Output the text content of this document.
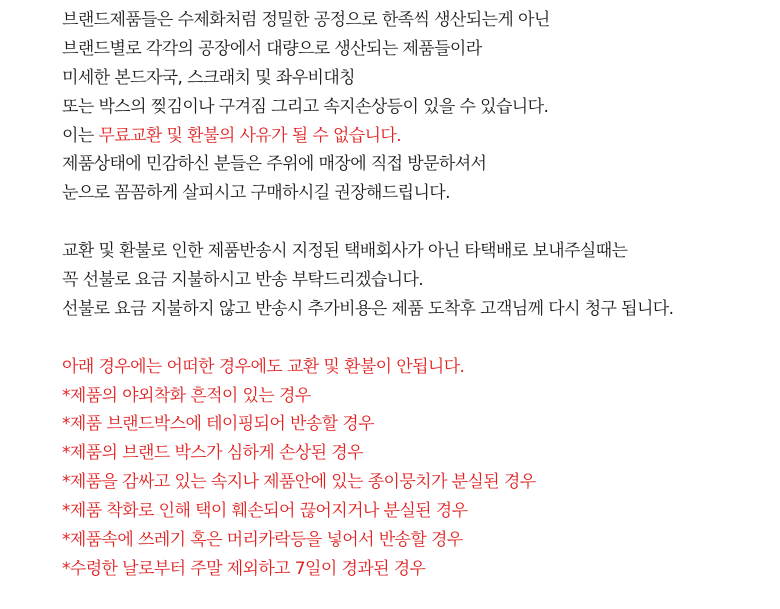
브랜드제품들은 수제화처럼 정밀한 공정으로 한족씩 생산되는게 아닌
브랜드별로 각각의 공장에서 대량으로 생산되는 제품들이라
미세한 본드자국, 스크래치 및 좌우비대칭
또는 박스의 찢김이나 구겨짐 그리고 속지손상등이 있을 수 있습니다.
이는 무료교환 및 환불의 사유가 될 수 없습니다.
제품상태에 민감하신 분들은 주위에 매장에 직접 방문하셔서
눈으로 꼼꼼하게 살피시고 구매하시길 권장해드립니다.
교환 및 환불로 인한 제품반송시 지정된 택배회사가 아닌 타택배로 보내주실때는
꼭 선불로 요금 지불하시고 반송 부탁드리겠습니다.
선불로 요금 지불하지 않고 반송시 추가비용은 제품 도착후 고객님께 다시 청구 됩니다.
아래 경우에는 어떠한 경우에도 교환 및 환불이 안됩니다.
*제품의 야외착화 흔적이 있는 경우
*제품 브랜드박스에 테이핑되어 반송할 경우
*제품의 브랜드 박스가 심하게 손상된 경우
*제품을 감싸고 있는 속지나 제품안에 있는 종이뭉치가 분실된 경우
*제품 착화로 인해 택이 훼손되어 끊어지거나 분실된 경우
*제품속에 쓰레기 혹은 머리카락등을 넣어서 반송할 경우
*수령한 날로부터 주말 제외하고 7일이 경과된 경우
